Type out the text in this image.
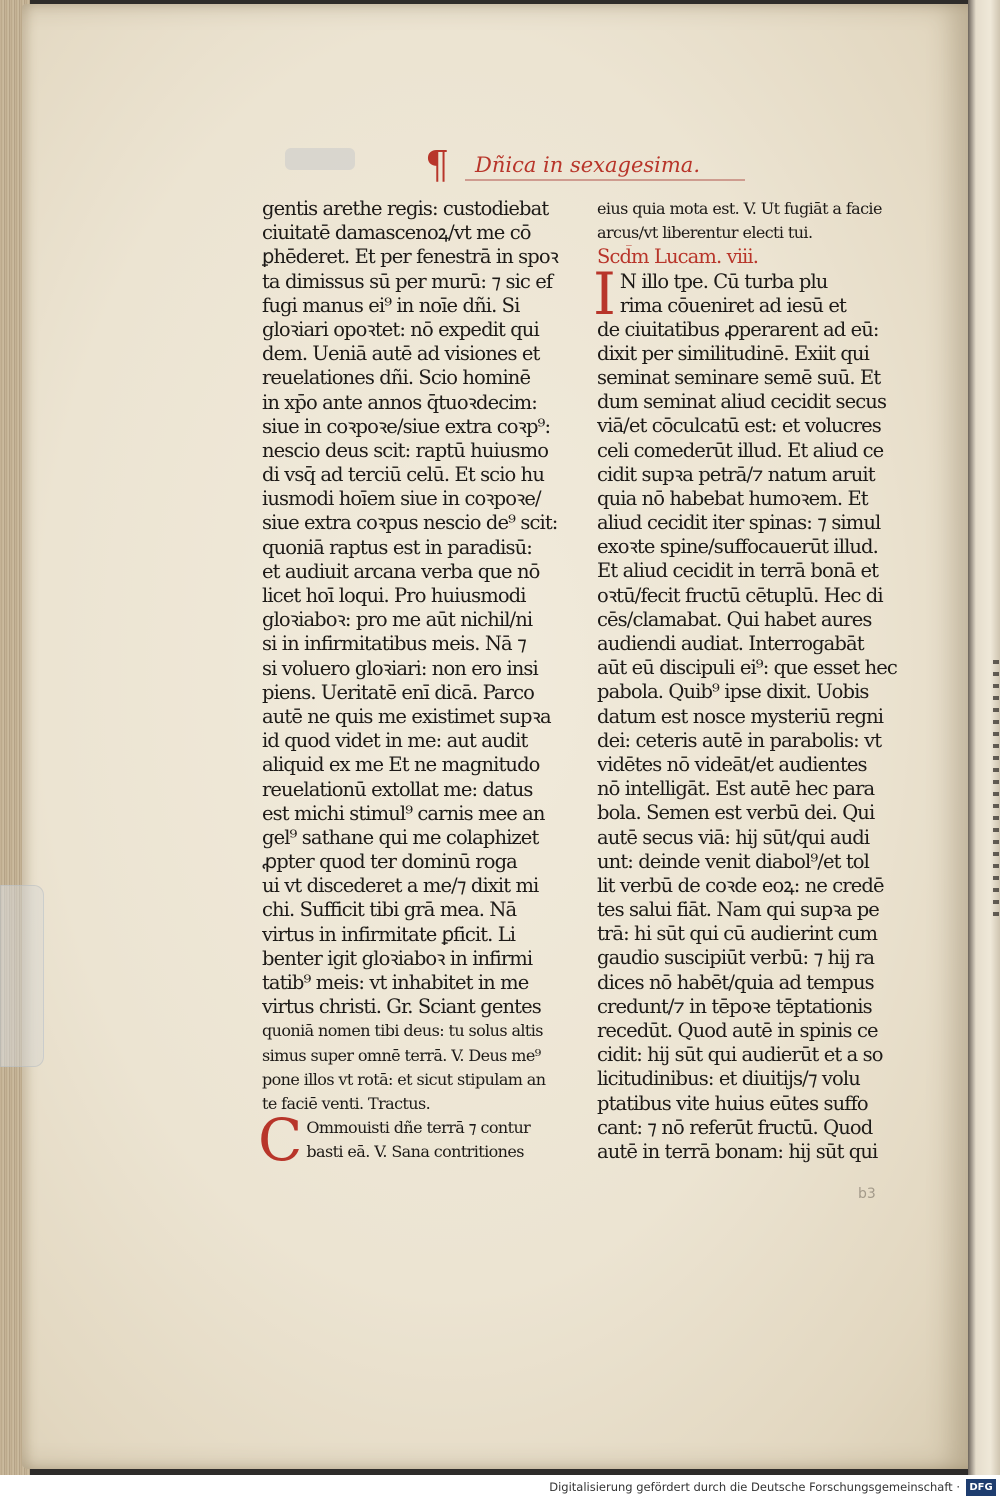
¶ Dñica in sexagesima.
gentis arethe regis: custodiebat
ciuitatē damascenoꝝ/vt me cō
ꝑhēderet. Et per fenestrā in spoꝛ
ta dimissus sū per murū: ⁊ sic ef
fugi manus ei⁹ in noīe dñi. Si
gloꝛiari opoꝛtet: nō expedit qui
dem. Ueniā autē ad visiones et
reuelationes dñi. Scio hominē
in xp̄o ante annos q̄tuoꝛdecim:
siue in coꝛpoꝛe/siue extra coꝛp⁹:
nescio deus scit: raptū huiusmo
di vsq̄ ad terciū celū. Et scio hu
iusmodi hoīem siue in coꝛpoꝛe/
siue extra coꝛpus nescio de⁹ scit:
quoniā raptus est in paradisū:
et audiuit arcana verba que nō
licet hoī loqui. Pro huiusmodi
gloꝛiaboꝛ: pro me aūt nichil/ni
si in infirmitatibus meis. Nā ⁊
si voluero gloꝛiari: non ero insi
piens. Ueritatē enī dicā. Parco
autē ne quis me existimet supꝛa
id quod videt in me: aut audit
aliquid ex me Et ne magnitudo
reuelationū extollat me: datus
est michi stimul⁹ carnis mee an
gel⁹ sathane qui me colaphizet
ꝓpter quod ter dominū roga
ui vt discederet a me/⁊ dixit mi
chi. Sufficit tibi grā mea. Nā
virtus in infirmitate ꝑficit. Li
benter igit gloꝛiaboꝛ in infirmi
tatib⁹ meis: vt inhabitet in me
virtus christi. Gr. Sciant gentes
quoniā nomen tibi deus: tu solus altis
simus super omnē terrā. V. Deus me⁹
pone illos vt rotā: et sicut stipulam an
te faciē venti. Tractus.
C Ommouisti dñe terrā ⁊ contur
basti eā. V. Sana contritiones
eius quia mota est. V. Ut fugiāt a facie
arcus/vt liberentur electi tui.
Scd̄m Lucam. viii.
I N illo tpe. Cū turba plu
rima cōueniret ad iesū et
de ciuitatibus ꝓperarent ad eū:
dixit per similitudinē. Exiit qui
seminat seminare semē suū. Et
dum seminat aliud cecidit secus
viā/et cōculcatū est: et volucres
celi comederūt illud. Et aliud ce
cidit supꝛa petrā/⁊ natum aruit
quia nō habebat humoꝛem. Et
aliud cecidit iter spinas: ⁊ simul
exoꝛte spine/suffocauerūt illud.
Et aliud cecidit in terrā bonā et
oꝛtū/fecit fructū cētuplū. Hec di
cēs/clamabat. Qui habet aures
audiendi audiat. Interrogabāt
aūt eū discipuli ei⁹: que esset hec
pabola. Quib⁹ ipse dixit. Uobis
datum est nosce mysteriū regni
dei: ceteris autē in parabolis: vt
vidētes nō videāt/et audientes
nō intelligāt. Est autē hec para
bola. Semen est verbū dei. Qui
autē secus viā: hij sūt/qui audi
unt: deinde venit diabol⁹/et tol
lit verbū de coꝛde eoꝝ: ne credē
tes salui fiāt. Nam qui supꝛa pe
trā: hi sūt qui cū audierint cum
gaudio suscipiūt verbū: ⁊ hij ra
dices nō habēt/quia ad tempus
credunt/⁊ in tēpoꝛe tēptationis
recedūt. Quod autē in spinis ce
cidit: hij sūt qui audierūt et a so
licitudinibus: et diuitijs/⁊ volu
ptatibus vite huius eūtes suffo
cant: ⁊ nō referūt fructū. Quod
autē in terrā bonam: hij sūt qui
b3
Digitalisierung gefördert durch die Deutsche Forschungsgemeinschaft · DFG
